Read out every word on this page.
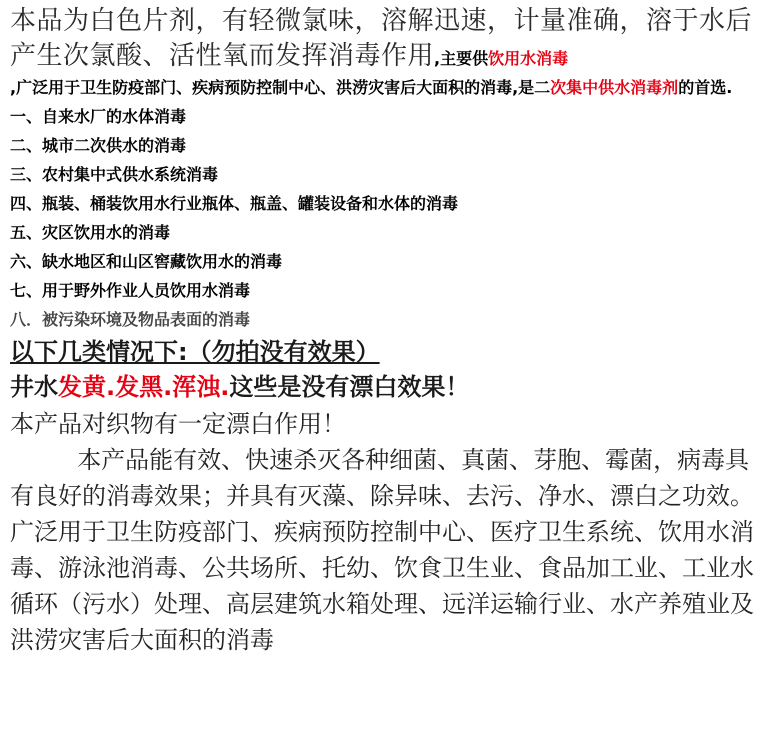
本品为白色片剂，有轻微氯味，溶解迅速，计量准确，溶于水后产生次氯酸、活性氧而发挥消毒作用,主要供饮用水消毒

,广泛用于卫生防疫部门、疾病预防控制中心、洪涝灾害后大面积的消毒,是二次集中供水消毒剂的首选.

一、自来水厂的水体消毒
二、城市二次供水的消毒
三、农村集中式供水系统消毒
四、瓶装、桶装饮用水行业瓶体、瓶盖、罐装设备和水体的消毒
五、灾区饮用水的消毒
六、缺水地区和山区窖藏饮用水的消毒
七、用于野外作业人员饮用水消毒
八．被污染环境及物品表面的消毒

以下几类情况下:（勿拍没有效果）

井水发黄.发黑.浑浊.这些是没有漂白效果！

本产品对织物有一定漂白作用！

本产品能有效、快速杀灭各种细菌、真菌、芽胞、霉菌，病毒具有良好的消毒效果；并具有灭藻、除异味、去污、净水、漂白之功效。广泛用于卫生防疫部门、疾病预防控制中心、医疗卫生系统、饮用水消毒、游泳池消毒、公共场所、托幼、饮食卫生业、食品加工业、工业水循环（污水）处理、高层建筑水箱处理、远洋运输行业、水产养殖业及洪涝灾害后大面积的消毒
